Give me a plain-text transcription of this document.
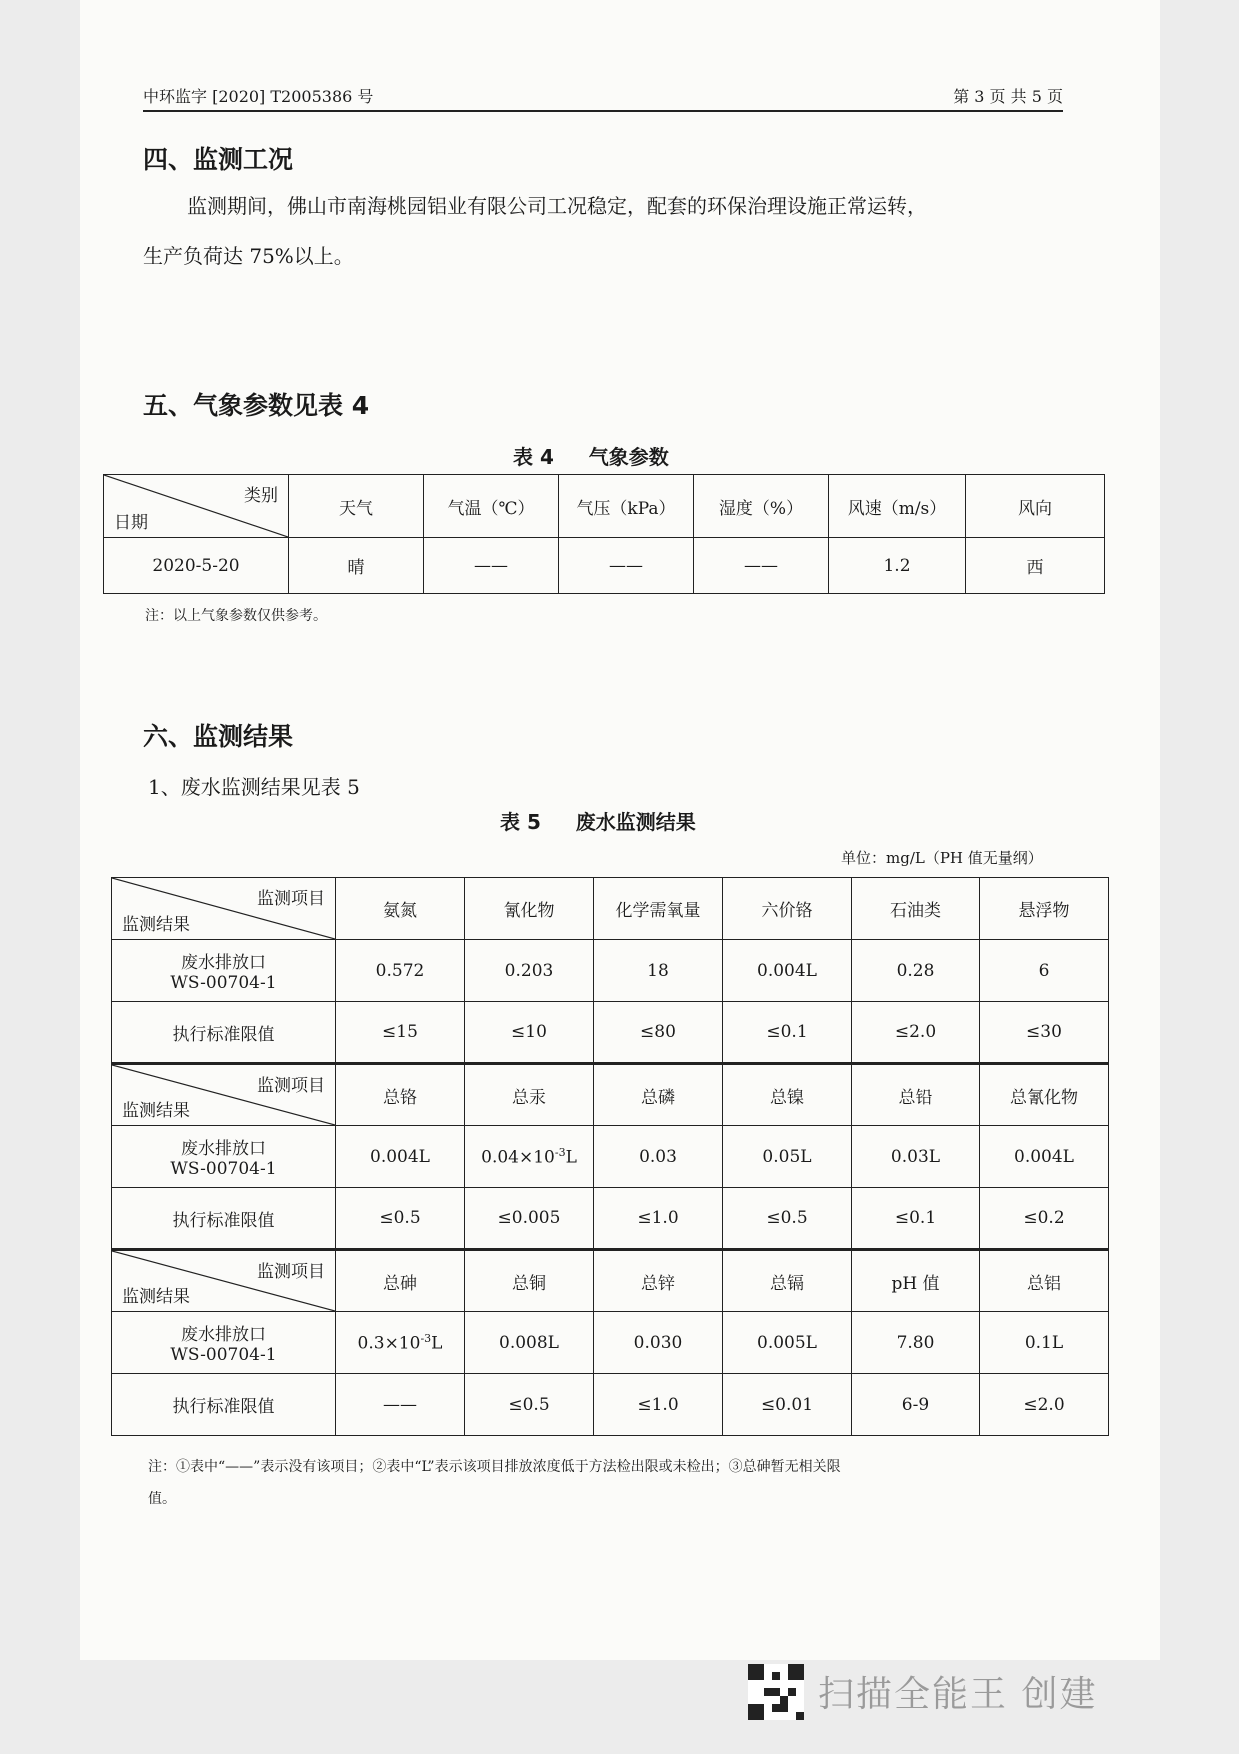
中环监字 [2020] T2005386 号	第 3 页 共 5 页
四、监测工况
监测期间，佛山市南海桃园铝业有限公司工况稳定，配套的环保治理设施正常运转，
生产负荷达 75%以上。
五、气象参数见表 4
表 4     气象参数
类别
日期	天气	气温（℃）	气压（kPa）	湿度（%）	风速（m/s）	风向
2020-5-20	晴	——	——	——	1.2	西
注：以上气象参数仅供参考。
六、监测结果
1、废水监测结果见表 5
表 5     废水监测结果
单位：mg/L（PH 值无量纲）
监测项目
监测结果	氨氮	氰化物	化学需氧量	六价铬	石油类	悬浮物
废水排放口
WS-00704-1	0.572	0.203	18	0.004L	0.28	6
执行标准限值	≤15	≤10	≤80	≤0.1	≤2.0	≤30

监测项目
监测结果	总铬	总汞	总磷	总镍	总铅	总氰化物
废水排放口
WS-00704-1	0.004L	$0.04\times 10^{-3}L$	0.03	0.05L	0.03L	0.004L
执行标准限值	≤0.5	≤0.005	≤1.0	≤0.5	≤0.1	≤0.2

监测项目
监测结果	总砷	总铜	总锌	总镉	pH 值	总铝
废水排放口
WS-00704-1	$0.3\times 10^{-3}L$	0.008L	0.030	0.005L	7.80	0.1L
执行标准限值	——	≤0.5	≤1.0	≤0.01	6-9	≤2.0
注：①表中“——”表示没有该项目；②表中“L”表示该项目排放浓度低于方法检出限或未检出；③总砷暂无相关限
值。
扫描全能王 创建
